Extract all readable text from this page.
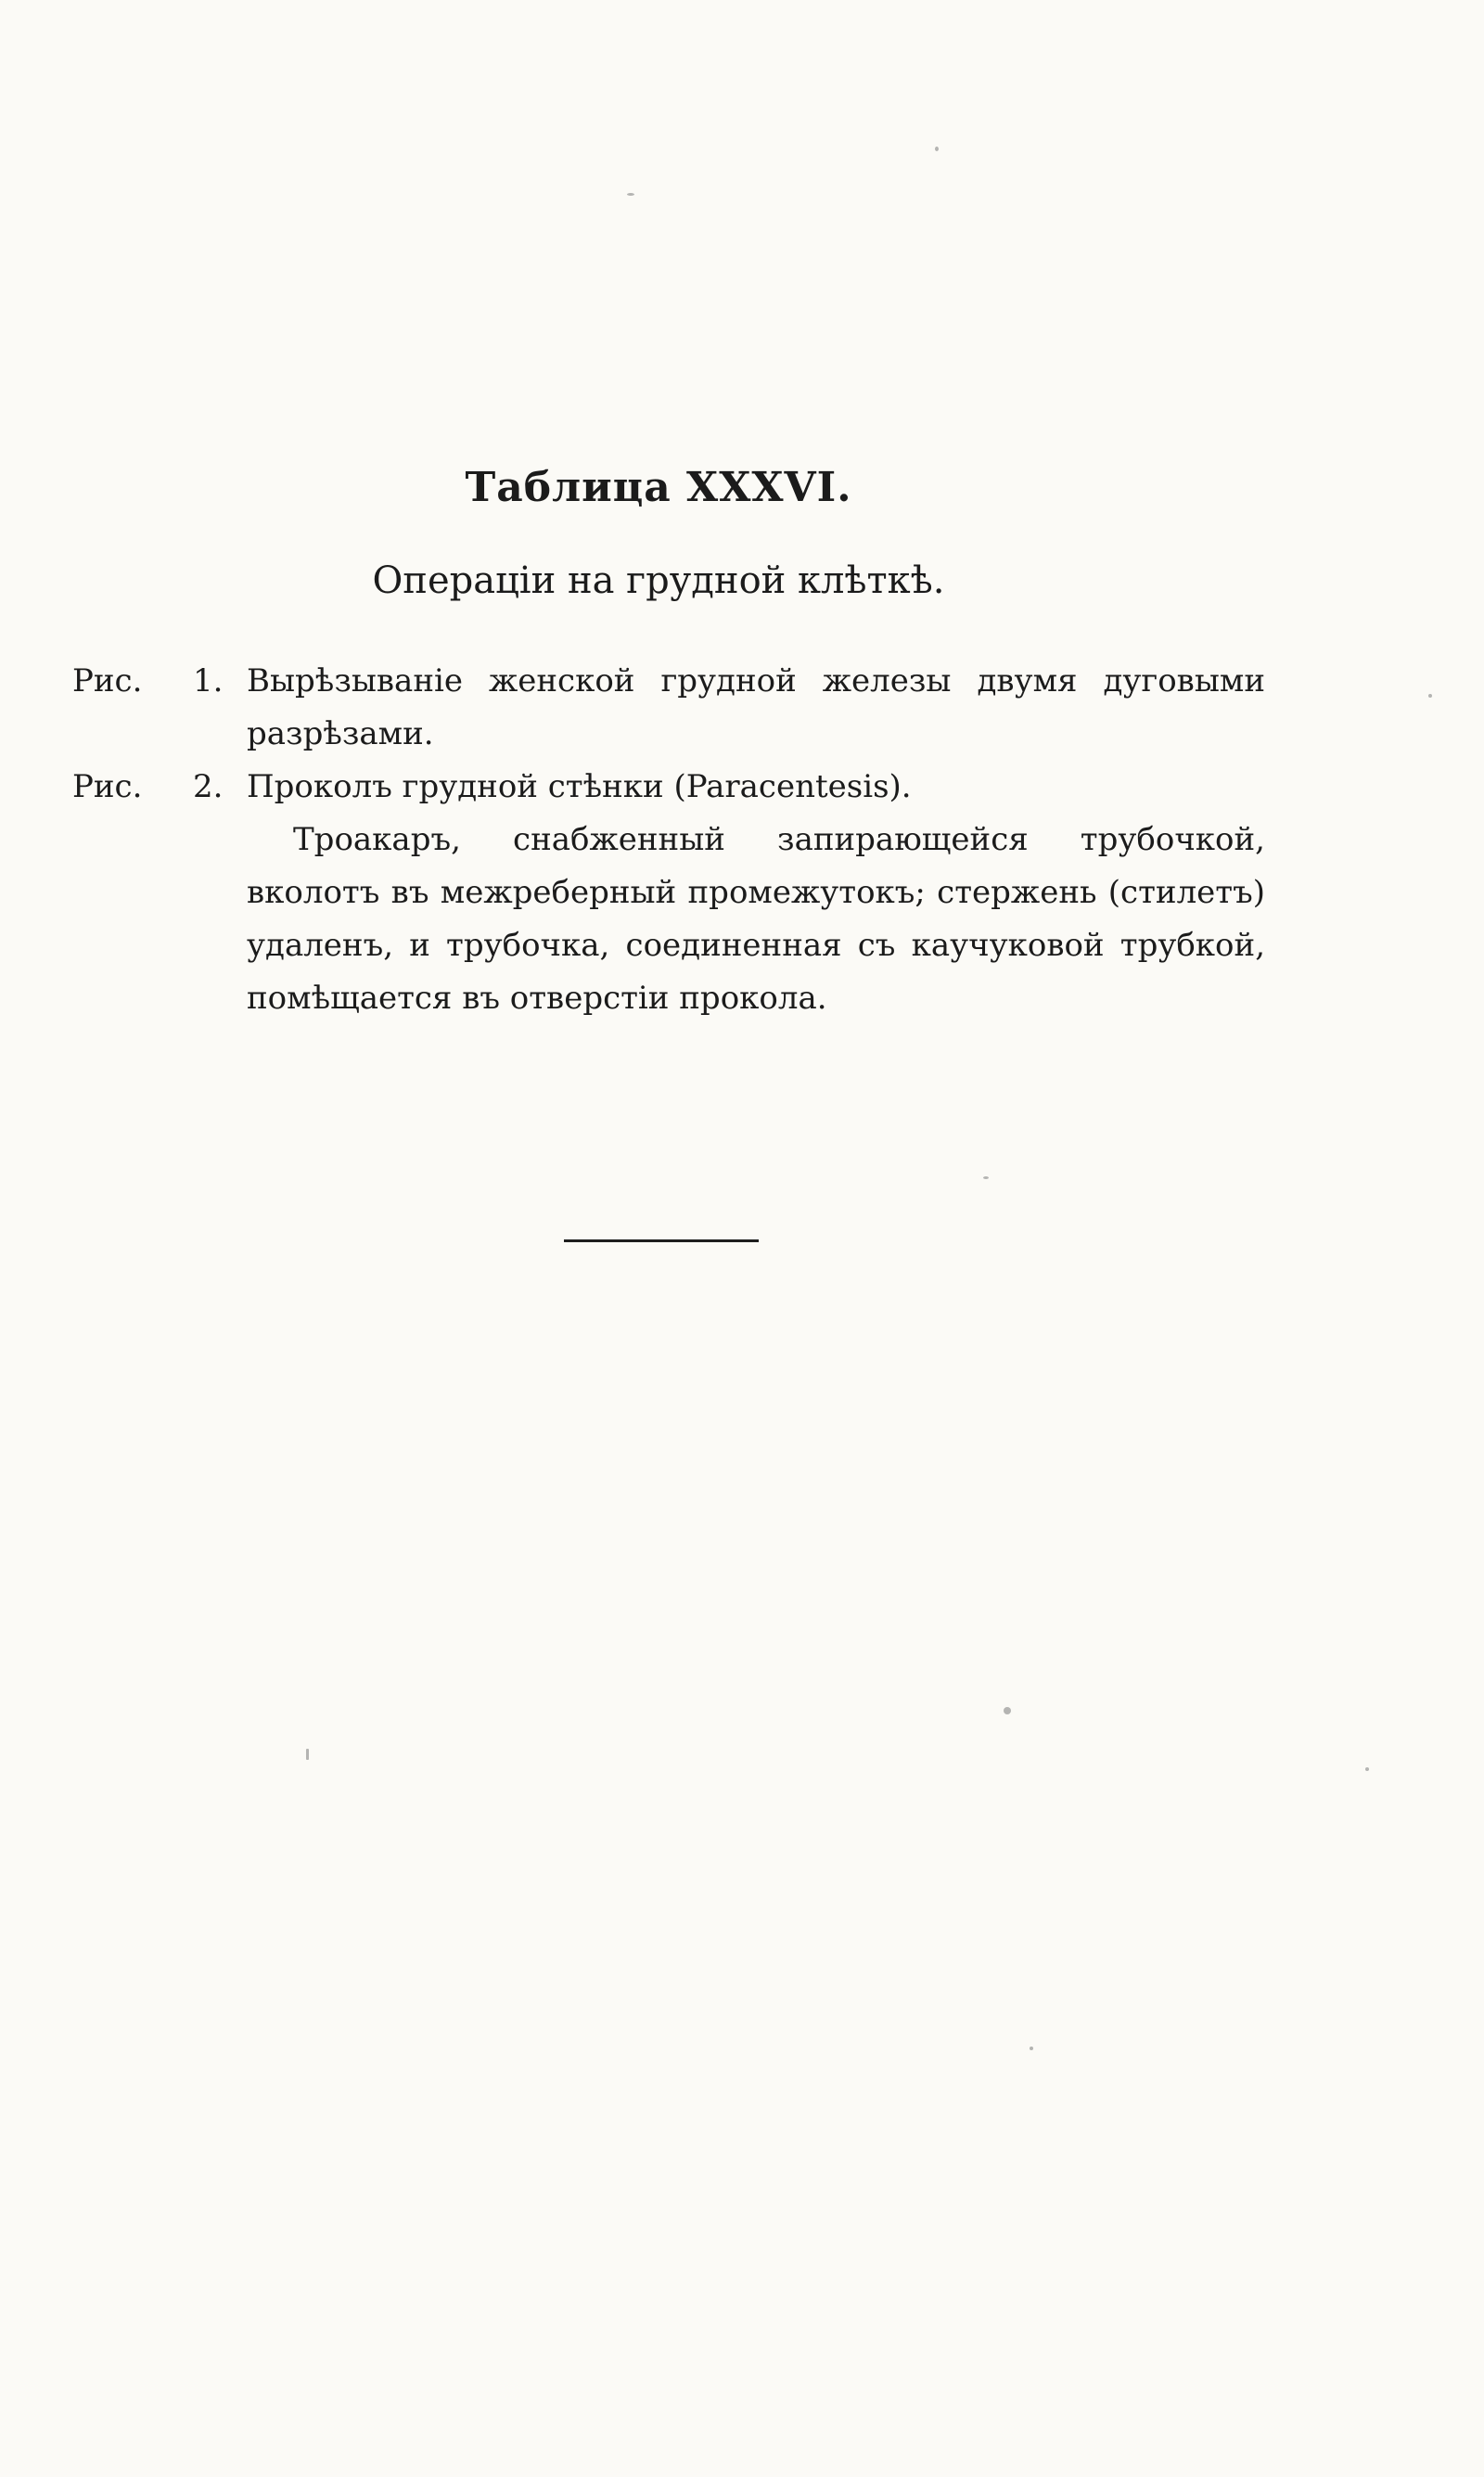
Таблица XXXVI.
Операціи на грудной клѣткѣ.
Рис. 1. Вырѣзываніе женской грудной железы двумя дуговыми разрѣзами.
Рис. 2. Проколъ грудной стѣнки (Paracentesis).
Троакаръ, снабженный запирающейся трубочкой, вколотъ въ межреберный промежутокъ; стержень (стилетъ) удаленъ, и трубочка, соединенная съ каучуковой трубкой, помѣщается въ отверстіи прокола.
